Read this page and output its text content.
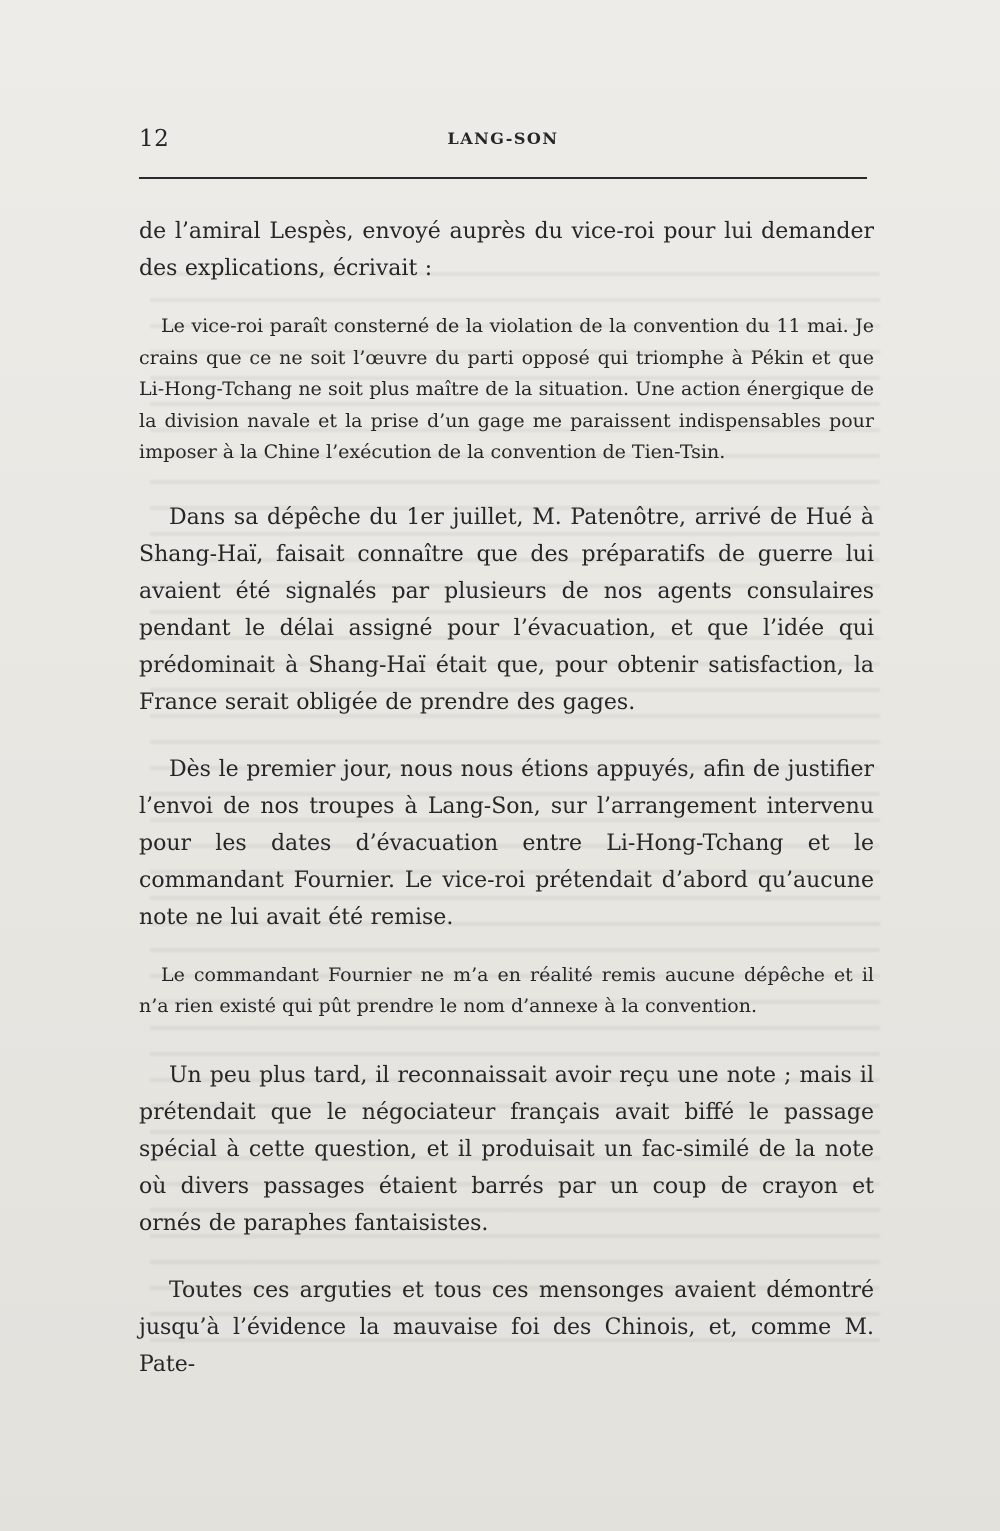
12	LANG-SON

de l’amiral Lespès, envoyé auprès du vice-roi pour lui demander des explications, écrivait :

Le vice-roi paraît consterné de la violation de la convention du 11 mai. Je crains que ce ne soit l’œuvre du parti opposé qui triomphe à Pékin et que Li-Hong-Tchang ne soit plus maître de la situation. Une action énergique de la division navale et la prise d’un gage me paraissent indispensables pour imposer à la Chine l’exécution de la convention de Tien-Tsin.

Dans sa dépêche du 1er juillet, M. Patenôtre, arrivé de Hué à Shang-Haï, faisait connaître que des préparatifs de guerre lui avaient été signalés par plusieurs de nos agents consulaires pendant le délai assigné pour l’évacuation, et que l’idée qui prédominait à Shang-Haï était que, pour obtenir satisfaction, la France serait obligée de prendre des gages.

Dès le premier jour, nous nous étions appuyés, afin de justifier l’envoi de nos troupes à Lang-Son, sur l’arrangement intervenu pour les dates d’évacuation entre Li-Hong-Tchang et le commandant Fournier. Le vice-roi prétendait d’abord qu’aucune note ne lui avait été remise.

Le commandant Fournier ne m’a en réalité remis aucune dépêche et il n’a rien existé qui pût prendre le nom d’annexe à la convention.

Un peu plus tard, il reconnaissait avoir reçu une note ; mais il prétendait que le négociateur français avait biffé le passage spécial à cette question, et il produisait un fac-similé de la note où divers passages étaient barrés par un coup de crayon et ornés de paraphes fantaisistes.

Toutes ces arguties et tous ces mensonges avaient démontré jusqu’à l’évidence la mauvaise foi des Chinois, et, comme M. Pate-
